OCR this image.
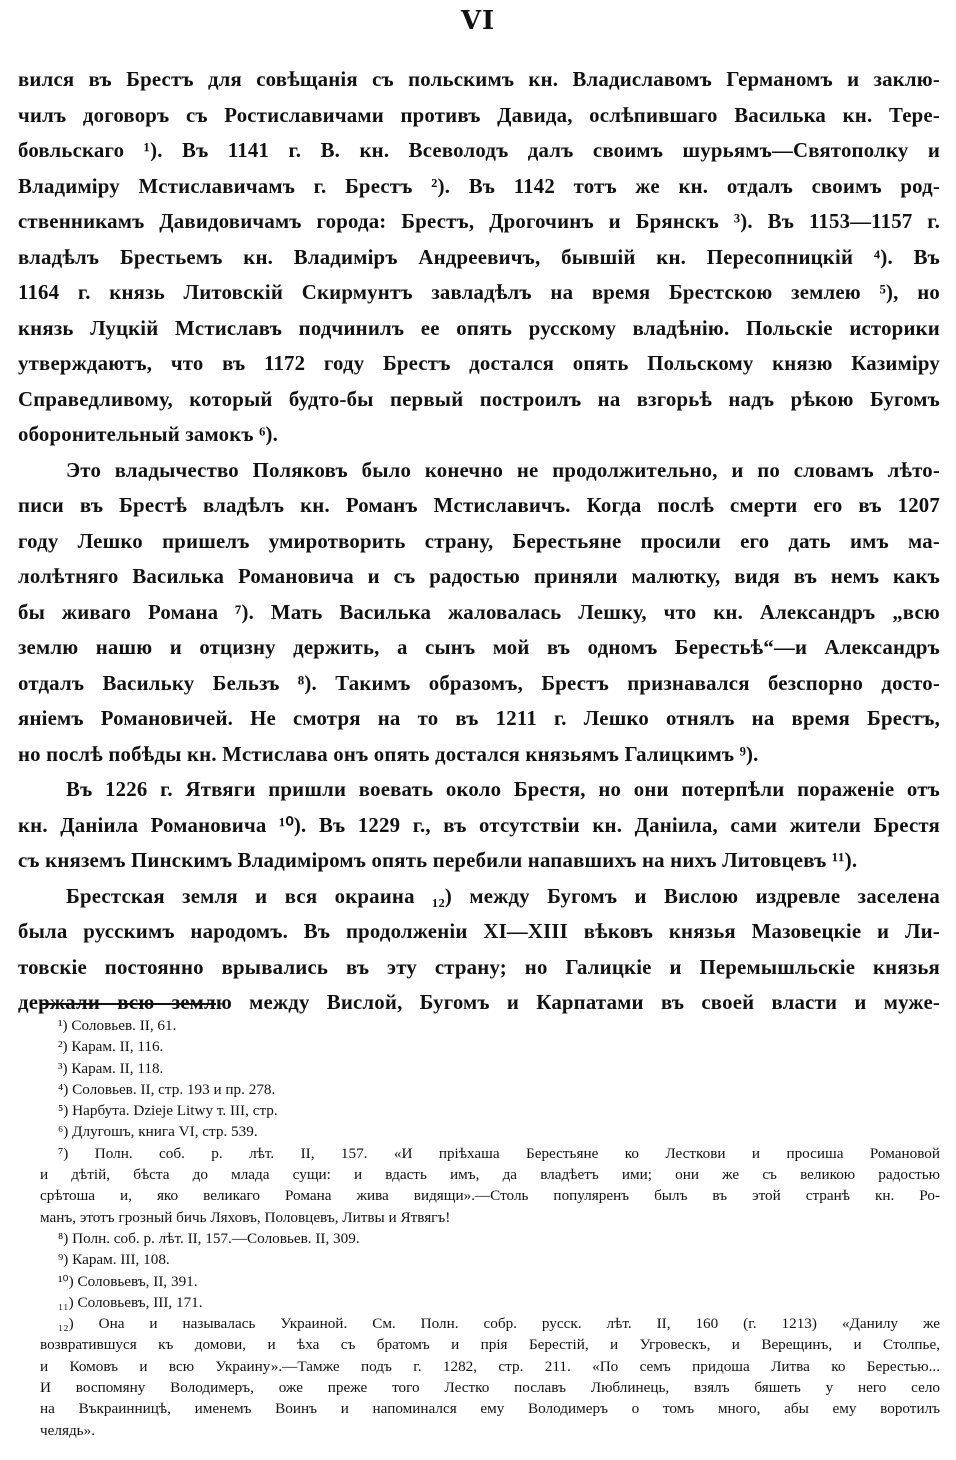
VI
вился въ Брестъ для совѣщанія съ польскимъ кн. Владиславомъ Германомъ и заклю-
чилъ договоръ съ Ростиславичами противъ Давида, ослѣпившаго Василька кн. Тере-
бовльскаго ¹). Въ 1141 г. В. кн. Всеволодъ далъ своимъ шурьямъ—Святополку и
Владиміру Мстиславичамъ г. Брестъ ²). Въ 1142 тотъ же кн. отдалъ своимъ род-
ственникамъ Давидовичамъ города: Брестъ, Дрогочинъ и Брянскъ ³). Въ 1153—1157 г.
владѣлъ Брестьемъ кн. Владиміръ Андреевичъ, бывшій кн. Пересопницкій ⁴). Въ
1164 г. князь Литовскій Скирмунтъ завладѣлъ на время Брестскою землею ⁵), но
князь Луцкій Мстиславъ подчинилъ ее опять русскому владѣнію. Польскіе историки
утверждаютъ, что въ 1172 году Брестъ достался опять Польскому князю Казиміру
Справедливому, который будто-бы первый построилъ на взгорьѣ надъ рѣкою Бугомъ
оборонительный замокъ ⁶).
Это владычество Поляковъ было конечно не продолжительно, и по словамъ лѣто-
писи въ Брестѣ владѣлъ кн. Романъ Мстиславичъ. Когда послѣ смерти его въ 1207
году Лешко пришелъ умиротворить страну, Берестьяне просили его дать имъ ма-
лолѣтняго Василька Романовича и съ радостью приняли малютку, видя въ немъ какъ
бы живаго Романа ⁷). Мать Василька жаловалась Лешку, что кн. Александръ „всю
землю нашю и отцизну держить, а сынъ мой въ одномъ Берестьѣ“—и Александръ
отдалъ Васильку Бельзъ ⁸). Такимъ образомъ, Брестъ признавался безспорно досто-
яніемъ Романовичей. Не смотря на то въ 1211 г. Лешко отнялъ на время Брестъ,
но послѣ побѣды кн. Мстислава онъ опять достался князьямъ Галицкимъ ⁹).
Въ 1226 г. Ятвяги пришли воевать около Брестя, но они потерпѣли пораженіе отъ
кн. Даніила Романовича ¹⁰). Въ 1229 г., въ отсутствіи кн. Даніила, сами жители Брестя
съ княземъ Пинскимъ Владиміромъ опять перебили напавшихъ на нихъ Литовцевъ ¹¹).
Брестская земля и вся окраина ₁₂) между Бугомъ и Вислою издревле заселена
была русскимъ народомъ. Въ продолженіи XI—XIII вѣковъ князья Мазовецкіе и Ли-
товскіе постоянно врывались въ эту страну; но Галицкіе и Перемышльскіе князья
держали всю землю между Вислой, Бугомъ и Карпатами въ своей власти и муже-
¹) Соловьев. II, 61.
²) Карам. II, 116.
³) Карам. II, 118.
⁴) Соловьев. II, стр. 193 и пр. 278.
⁵) Нарбута. Dzieje Litwy т. III, стр.
⁶) Длугошъ, книга VI, стр. 539.
⁷) Полн. соб. р. лѣт. II, 157. «И пріѣхаша Берестьяне ко Лесткови и просиша Романовой
и дѣтій, бѣста до млада сущи: и вдасть имъ, да владѣетъ ими; они же съ великою радостью
срѣтоша и, яко великаго Романа жива видящи».—Столь популяренъ былъ въ этой странѣ кн. Ро-
манъ, этотъ грозный бичь Ляховъ, Половцевъ, Литвы и Ятвягъ!
⁸) Полн. соб. р. лѣт. II, 157.—Соловьев. II, 309.
⁹) Карам. III, 108.
¹⁰) Соловьевъ, II, 391.
₁₁) Соловьевъ, III, 171.
₁₂) Она и называлась Украиной. См. Полн. собр. русск. лѣт. II, 160 (г. 1213) «Данилу же
возвратившуся къ домови, и ѣха съ братомъ и прія Берестій, и Угровескъ, и Верещинъ, и Столпье,
и Комовъ и всю Украину».—Тамже подъ г. 1282, стр. 211. «По семъ придоша Литва ко Берестью...
И воспомяну Володимеръ, оже преже того Лестко пославъ Люблинець, взялъ бяшеть у него село
на Въкраинницѣ, именемъ Воинъ и напоминался ему Володимеръ о томъ много, абы ему воротилъ
челядь».
